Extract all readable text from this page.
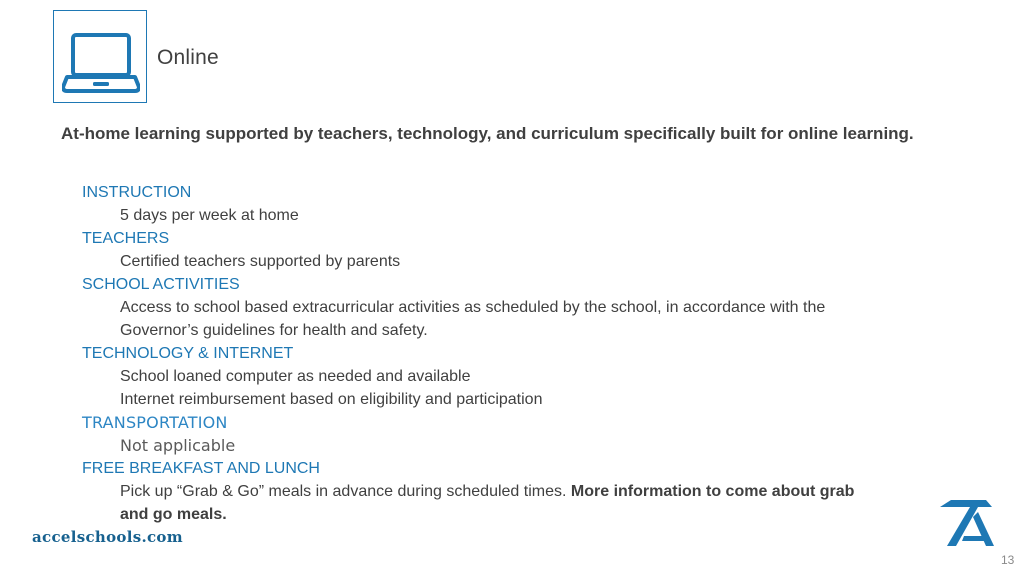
Online
At-home learning supported by teachers, technology, and curriculum specifically built for online learning.
INSTRUCTION
5 days per week at home
TEACHERS
Certified teachers supported by parents
SCHOOL ACTIVITIES
Access to school based extracurricular activities as scheduled by the school, in accordance with the
Governor’s guidelines for health and safety.
TECHNOLOGY & INTERNET
School loaned computer as needed and available
Internet reimbursement based on eligibility and participation
TRANSPORTATION
Not applicable
FREE BREAKFAST AND LUNCH
Pick up “Grab & Go” meals in advance during scheduled times. More information to come about grab
and go meals.
accelschools.com
13
